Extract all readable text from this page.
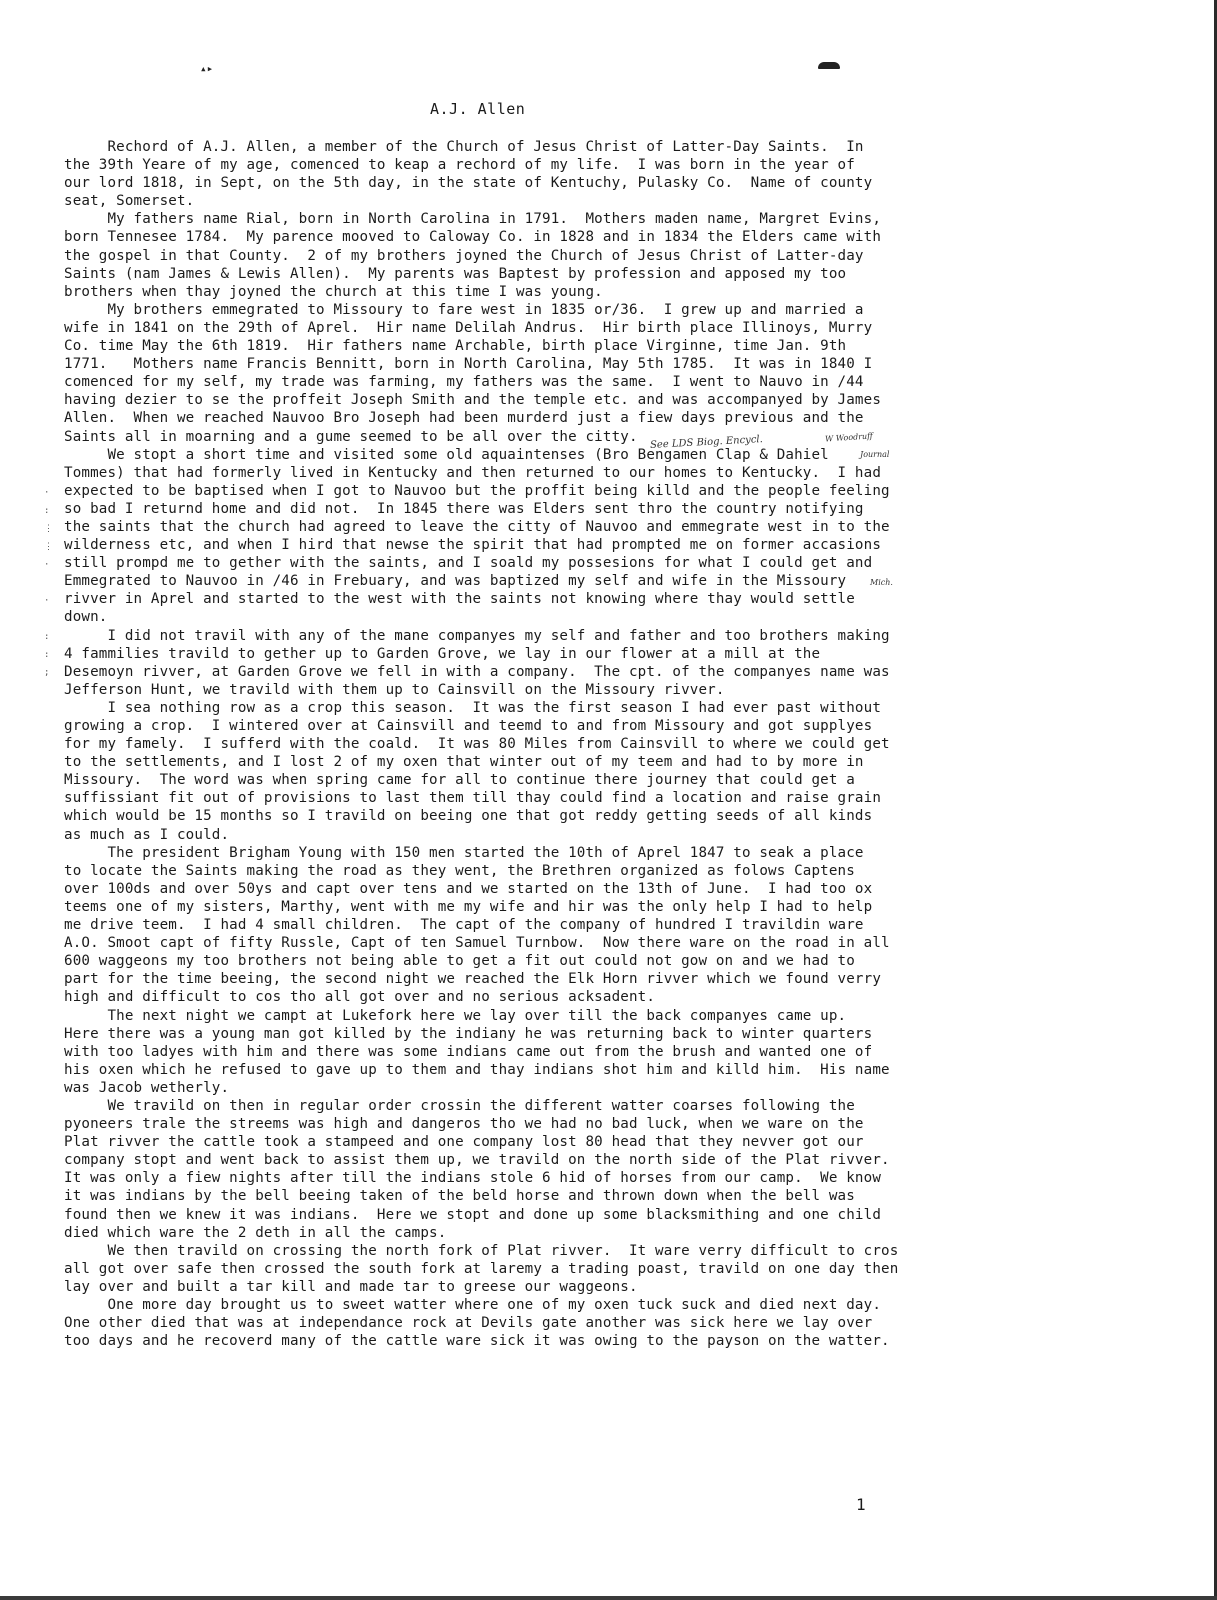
▴▸
A.J. Allen
Rechord of A.J. Allen, a member of the Church of Jesus Christ of Latter-Day Saints.  In
the 39th Yeare of my age, comenced to keap a rechord of my life.  I was born in the year of
our lord 1818, in Sept, on the 5th day, in the state of Kentuchy, Pulasky Co.  Name of county
seat, Somerset.
My fathers name Rial, born in North Carolina in 1791.  Mothers maden name, Margret Evins,
born Tennesee 1784.  My parence mooved to Caloway Co. in 1828 and in 1834 the Elders came with
the gospel in that County.  2 of my brothers joyned the Church of Jesus Christ of Latter-day
Saints (nam James & Lewis Allen).  My parents was Baptest by profession and apposed my too
brothers when thay joyned the church at this time I was young.
My brothers emmegrated to Missoury to fare west in 1835 or/36.  I grew up and married a
wife in 1841 on the 29th of Aprel.  Hir name Delilah Andrus.  Hir birth place Illinoys, Murry
Co. time May the 6th 1819.  Hir fathers name Archable, birth place Virginne, time Jan. 9th
1771.   Mothers name Francis Bennitt, born in North Carolina, May 5th 1785.  It was in 1840 I
comenced for my self, my trade was farming, my fathers was the same.  I went to Nauvo in /44
having dezier to se the proffeit Joseph Smith and the temple etc. and was accompanyed by James
Allen.  When we reached Nauvoo Bro Joseph had been murderd just a fiew days previous and the
Saints all in moarning and a gume seemed to be all over the citty.
We stopt a short time and visited some old aquaintenses (Bro Bengamen Clap & Dahiel
Tommes) that had formerly lived in Kentucky and then returned to our homes to Kentucky.  I had
expected to be baptised when I got to Nauvoo but the proffit being killd and the people feeling
so bad I returnd home and did not.  In 1845 there was Elders sent thro the country notifying
the saints that the church had agreed to leave the citty of Nauvoo and emmegrate west in to the
wilderness etc, and when I hird that newse the spirit that had prompted me on former accasions
still prompd me to gether with the saints, and I soald my possesions for what I could get and
Emmegrated to Nauvoo in /46 in Frebuary, and was baptized my self and wife in the Missoury
rivver in Aprel and started to the west with the saints not knowing where thay would settle
down.
I did not travil with any of the mane companyes my self and father and too brothers making
4 fammilies travild to gether up to Garden Grove, we lay in our flower at a mill at the
Desemoyn rivver, at Garden Grove we fell in with a company.  The cpt. of the companyes name was
Jefferson Hunt, we travild with them up to Cainsvill on the Missoury rivver.
I sea nothing row as a crop this season.  It was the first season I had ever past without
growing a crop.  I wintered over at Cainsvill and teemd to and from Missoury and got supplyes
for my famely.  I sufferd with the coald.  It was 80 Miles from Cainsvill to where we could get
to the settlements, and I lost 2 of my oxen that winter out of my teem and had to by more in
Missoury.  The word was when spring came for all to continue there journey that could get a
suffissiant fit out of provisions to last them till thay could find a location and raise grain
which would be 15 months so I travild on beeing one that got reddy getting seeds of all kinds
as much as I could.
The president Brigham Young with 150 men started the 10th of Aprel 1847 to seak a place
to locate the Saints making the road as they went, the Brethren organized as folows Captens
over 100ds and over 50ys and capt over tens and we started on the 13th of June.  I had too ox
teems one of my sisters, Marthy, went with me my wife and hir was the only help I had to help
me drive teem.  I had 4 small children.  The capt of the company of hundred I travildin ware
A.O. Smoot capt of fifty Russle, Capt of ten Samuel Turnbow.  Now there ware on the road in all
600 waggeons my too brothers not being able to get a fit out could not gow on and we had to
part for the time beeing, the second night we reached the Elk Horn rivver which we found verry
high and difficult to cos tho all got over and no serious acksadent.
The next night we campt at Lukefork here we lay over till the back companyes came up.
Here there was a young man got killed by the indiany he was returning back to winter quarters
with too ladyes with him and there was some indians came out from the brush and wanted one of
his oxen which he refused to gave up to them and thay indians shot him and killd him.  His name
was Jacob wetherly.
We travild on then in regular order crossin the different watter coarses following the
pyoneers trale the streems was high and dangeros tho we had no bad luck, when we ware on the
Plat rivver the cattle took a stampeed and one company lost 80 head that they nevver got our
company stopt and went back to assist them up, we travild on the north side of the Plat rivver.
It was only a fiew nights after till the indians stole 6 hid of horses from our camp.  We know
it was indians by the bell beeing taken of the beld horse and thrown down when the bell was
found then we knew it was indians.  Here we stopt and done up some blacksmithing and one child
died which ware the 2 deth in all the camps.
We then travild on crossing the north fork of Plat rivver.  It ware verry difficult to cros
all got over safe then crossed the south fork at laremy a trading poast, travild on one day then
lay over and built a tar kill and made tar to greese our waggeons.
One more day brought us to sweet watter where one of my oxen tuck suck and died next day.
One other died that was at independance rock at Devils gate another was sick here we lay over
too days and he recoverd many of the cattle ware sick it was owing to the payson on the watter.
See LDS Biog. Encycl.	W Woodruff
Journal
Mich.
·
:
⋮
⋮
·

·

:
:
;
1
